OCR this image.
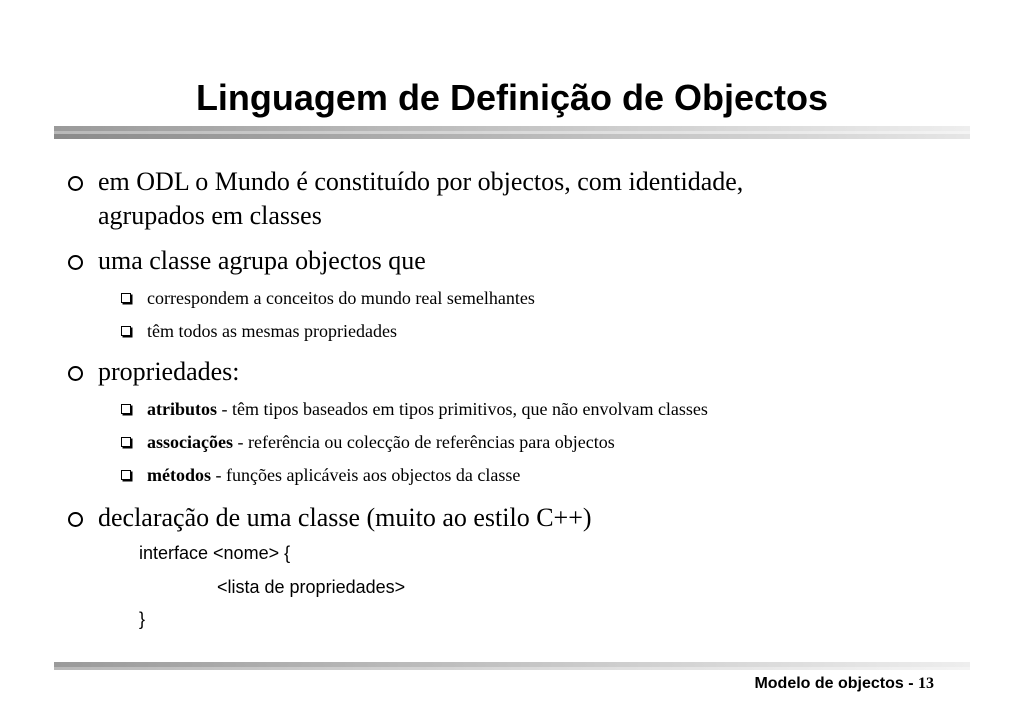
Linguagem de Definição de Objectos
em ODL o Mundo é constituído por objectos, com identidade,
agrupados em classes
uma classe agrupa objectos que
correspondem a conceitos do mundo real semelhantes
têm todos as mesmas propriedades
propriedades:
atributos - têm tipos baseados em tipos primitivos, que não envolvam classes
associações - referência ou colecção de referências para objectos
métodos - funções aplicáveis aos objectos da classe
declaração de uma classe (muito ao estilo C++)
interface <nome> {
<lista de propriedades>
}
Modelo de objectos - 13
